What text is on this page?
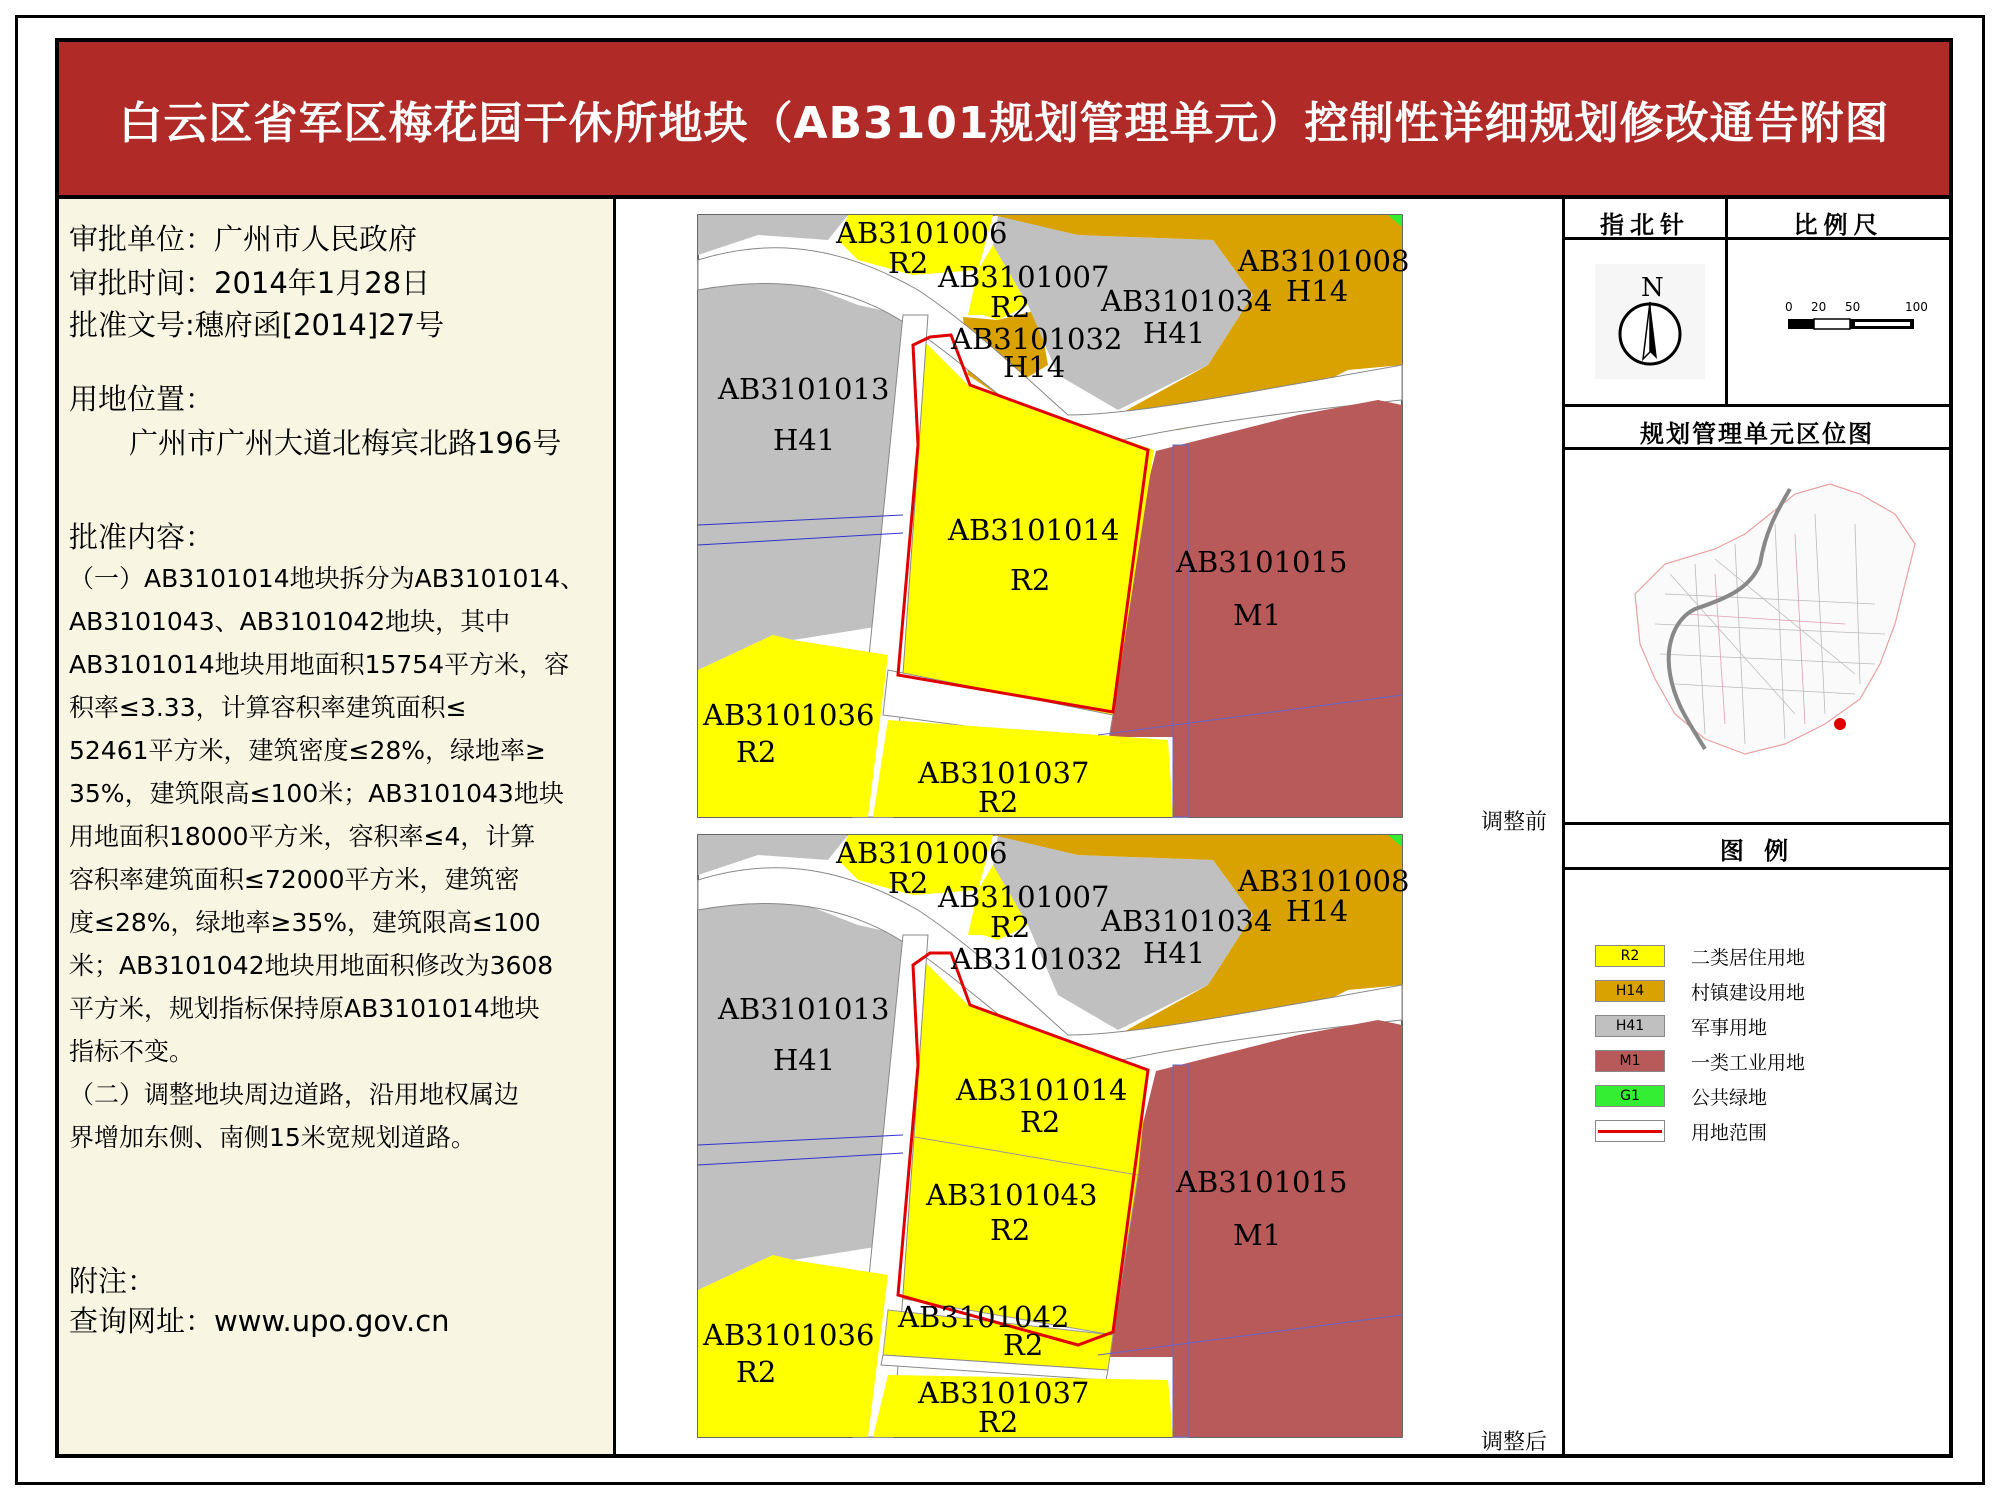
白云区省军区梅花园干休所地块（AB3101规划管理单元）控制性详细规划修改通告附图
审批单位：广州市人民政府
审批时间：2014年1月28日
批准文号:穗府函[2014]27号
用地位置：
广州市广州大道北梅宾北路196号
批准内容：
（一）AB3101014地块拆分为AB3101014、
AB3101043、AB3101042地块，其中
AB3101014地块用地面积15754平方米，容
积率≤3.33，计算容积率建筑面积≤
52461平方米，建筑密度≤28%，绿地率≥
35%，建筑限高≤100米；AB3101043地块
用地面积18000平方米，容积率≤4，计算
容积率建筑面积≤72000平方米，建筑密
度≤28%，绿地率≥35%，建筑限高≤100
米；AB3101042地块用地面积修改为3608
平方米，规划指标保持原AB3101014地块
指标不变。
（二）调整地块周边道路，沿用地权属边
界增加东侧、南侧15米宽规划道路。
附注：
查询网址：www.upo.gov.cn
AB3101006
R2 AB3101007
R2
AB3101008
H14
AB3101034
H41
AB3101032
H14
AB3101013
H41
AB3101014
R2
AB3101015
M1
AB3101036
R2
AB3101037
R2
调整前
AB3101006
R2 AB3101007
R2
AB3101008
H14
AB3101034
H41
AB3101032
AB3101013
H41
AB3101014
R2
AB3101043
R2
AB3101042
R2
AB3101015
M1
AB3101036
R2
AB3101037
R2
调整后
指北针	比例尺
N
0 20 50	100
规划管理单元区位图
图 例
R2	二类居住用地
H14	村镇建设用地
H41	军事用地
M1	一类工业用地
G1	公共绿地
用地范围
